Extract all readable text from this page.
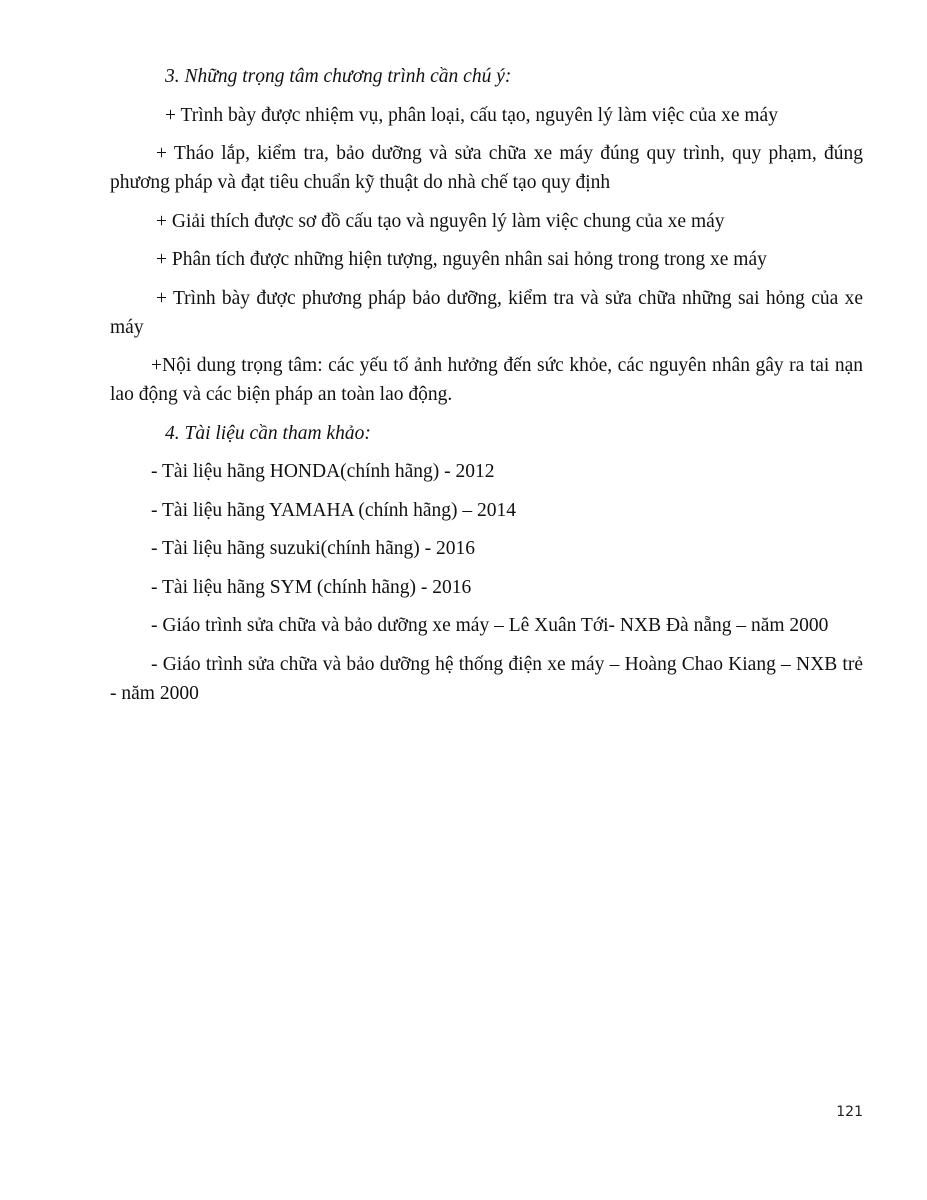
3. Những trọng tâm chương trình cần chú ý:

+ Trình bày được nhiệm vụ, phân loại, cấu tạo, nguyên lý làm việc của xe máy

+ Tháo lắp, kiểm tra, bảo dưỡng và sửa chữa xe máy đúng quy trình, quy phạm, đúng phương pháp và đạt tiêu chuẩn kỹ thuật do nhà chế tạo quy định

+ Giải thích được sơ đồ cấu tạo và nguyên lý làm việc chung của xe máy

+ Phân tích được những hiện tượng, nguyên nhân sai hỏng trong trong xe máy

+ Trình bày được phương pháp bảo dưỡng, kiểm tra và sửa chữa những sai hỏng của xe máy

+Nội dung trọng tâm: các yếu tố ảnh hưởng đến sức khỏe, các nguyên nhân gây ra tai nạn lao động và các biện pháp an toàn lao động.

4. Tài liệu cần tham khảo:

- Tài liệu hãng HONDA(chính hãng) - 2012

- Tài liệu hãng YAMAHA (chính hãng) – 2014

- Tài liệu hãng suzuki(chính hãng) - 2016

- Tài liệu hãng SYM (chính hãng) - 2016

- Giáo trình sửa chữa và bảo dưỡng xe máy – Lê Xuân Tới- NXB Đà nẵng – năm 2000

- Giáo trình sửa chữa và bảo dưỡng hệ thống điện xe máy – Hoàng Chao Kiang – NXB trẻ - năm 2000

121
